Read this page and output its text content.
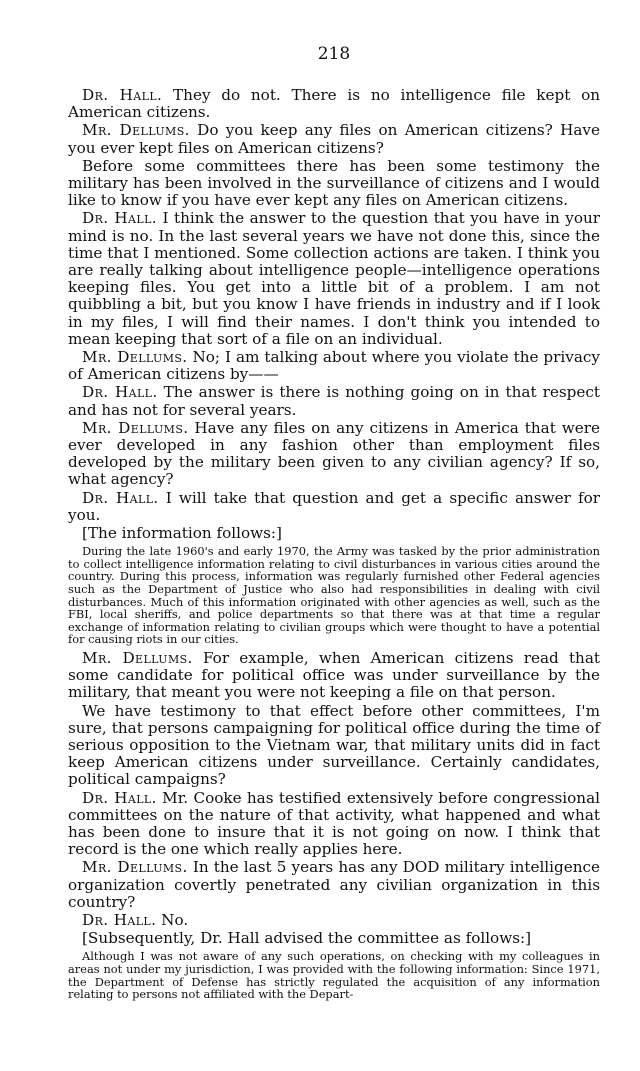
218

Dr. Hall. They do not. There is no intelligence file kept on American citizens.

Mr. Dellums. Do you keep any files on American citizens? Have you ever kept files on American citizens?

Before some committees there has been some testimony the military has been involved in the surveillance of citizens and I would like to know if you have ever kept any files on American citizens.

Dr. Hall. I think the answer to the question that you have in your mind is no. In the last several years we have not done this, since the time that I mentioned. Some collection actions are taken. I think you are really talking about intelligence people—intelligence operations keeping files. You get into a little bit of a problem. I am not quibbling a bit, but you know I have friends in industry and if I look in my files, I will find their names. I don't think you intended to mean keeping that sort of a file on an individual.

Mr. Dellums. No; I am talking about where you violate the privacy of American citizens by——

Dr. Hall. The answer is there is nothing going on in that respect and has not for several years.

Mr. Dellums. Have any files on any citizens in America that were ever developed in any fashion other than employment files developed by the military been given to any civilian agency? If so, what agency?

Dr. Hall. I will take that question and get a specific answer for you.

[The information follows:]

During the late 1960's and early 1970, the Army was tasked by the prior administration to collect intelligence information relating to civil disturbances in various cities around the country. During this process, information was regularly furnished other Federal agencies such as the Department of Justice who also had responsibilities in dealing with civil disturbances. Much of this information originated with other agencies as well, such as the FBI, local sheriffs, and police departments so that there was at that time a regular exchange of information relating to civilian groups which were thought to have a potential for causing riots in our cities.

Mr. Dellums. For example, when American citizens read that some candidate for political office was under surveillance by the military, that meant you were not keeping a file on that person.

We have testimony to that effect before other committees, I'm sure, that persons campaigning for political office during the time of serious opposition to the Vietnam war, that military units did in fact keep American citizens under surveillance. Certainly candidates, political campaigns?

Dr. Hall. Mr. Cooke has testified extensively before congressional committees on the nature of that activity, what happened and what has been done to insure that it is not going on now. I think that record is the one which really applies here.

Mr. Dellums. In the last 5 years has any DOD military intelligence organization covertly penetrated any civilian organization in this country?

Dr. Hall. No.

[Subsequently, Dr. Hall advised the committee as follows:]

Although I was not aware of any such operations, on checking with my colleagues in areas not under my jurisdiction, I was provided with the following information: Since 1971, the Department of Defense has strictly regulated the acquisition of any information relating to persons not affiliated with the Depart-
